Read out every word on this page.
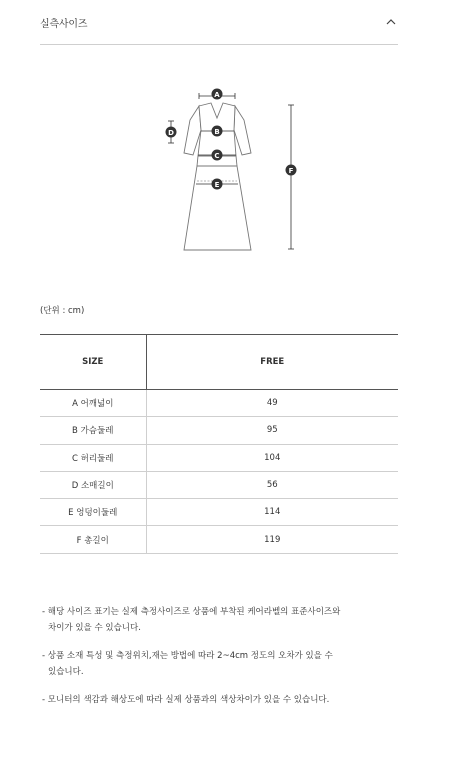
실측사이즈
A
B
C
D
E
F
(단위 : cm)
SIZE	FREE
A 어깨넓이	49
B 가슴둘레	95
C 허리둘레	104
D 소매길이	56
E 엉덩이둘레	114
F 총길이	119
- 해당 사이즈 표기는 실제 측정사이즈로 상품에 부착된 케어라벨의 표준사이즈와
차이가 있을 수 있습니다.
- 상품 소재 특성 및 측정위치,재는 방법에 따라 2~4cm 정도의 오차가 있을 수
있습니다.
- 모니터의 색감과 해상도에 따라 실제 상품과의 색상차이가 있을 수 있습니다.
